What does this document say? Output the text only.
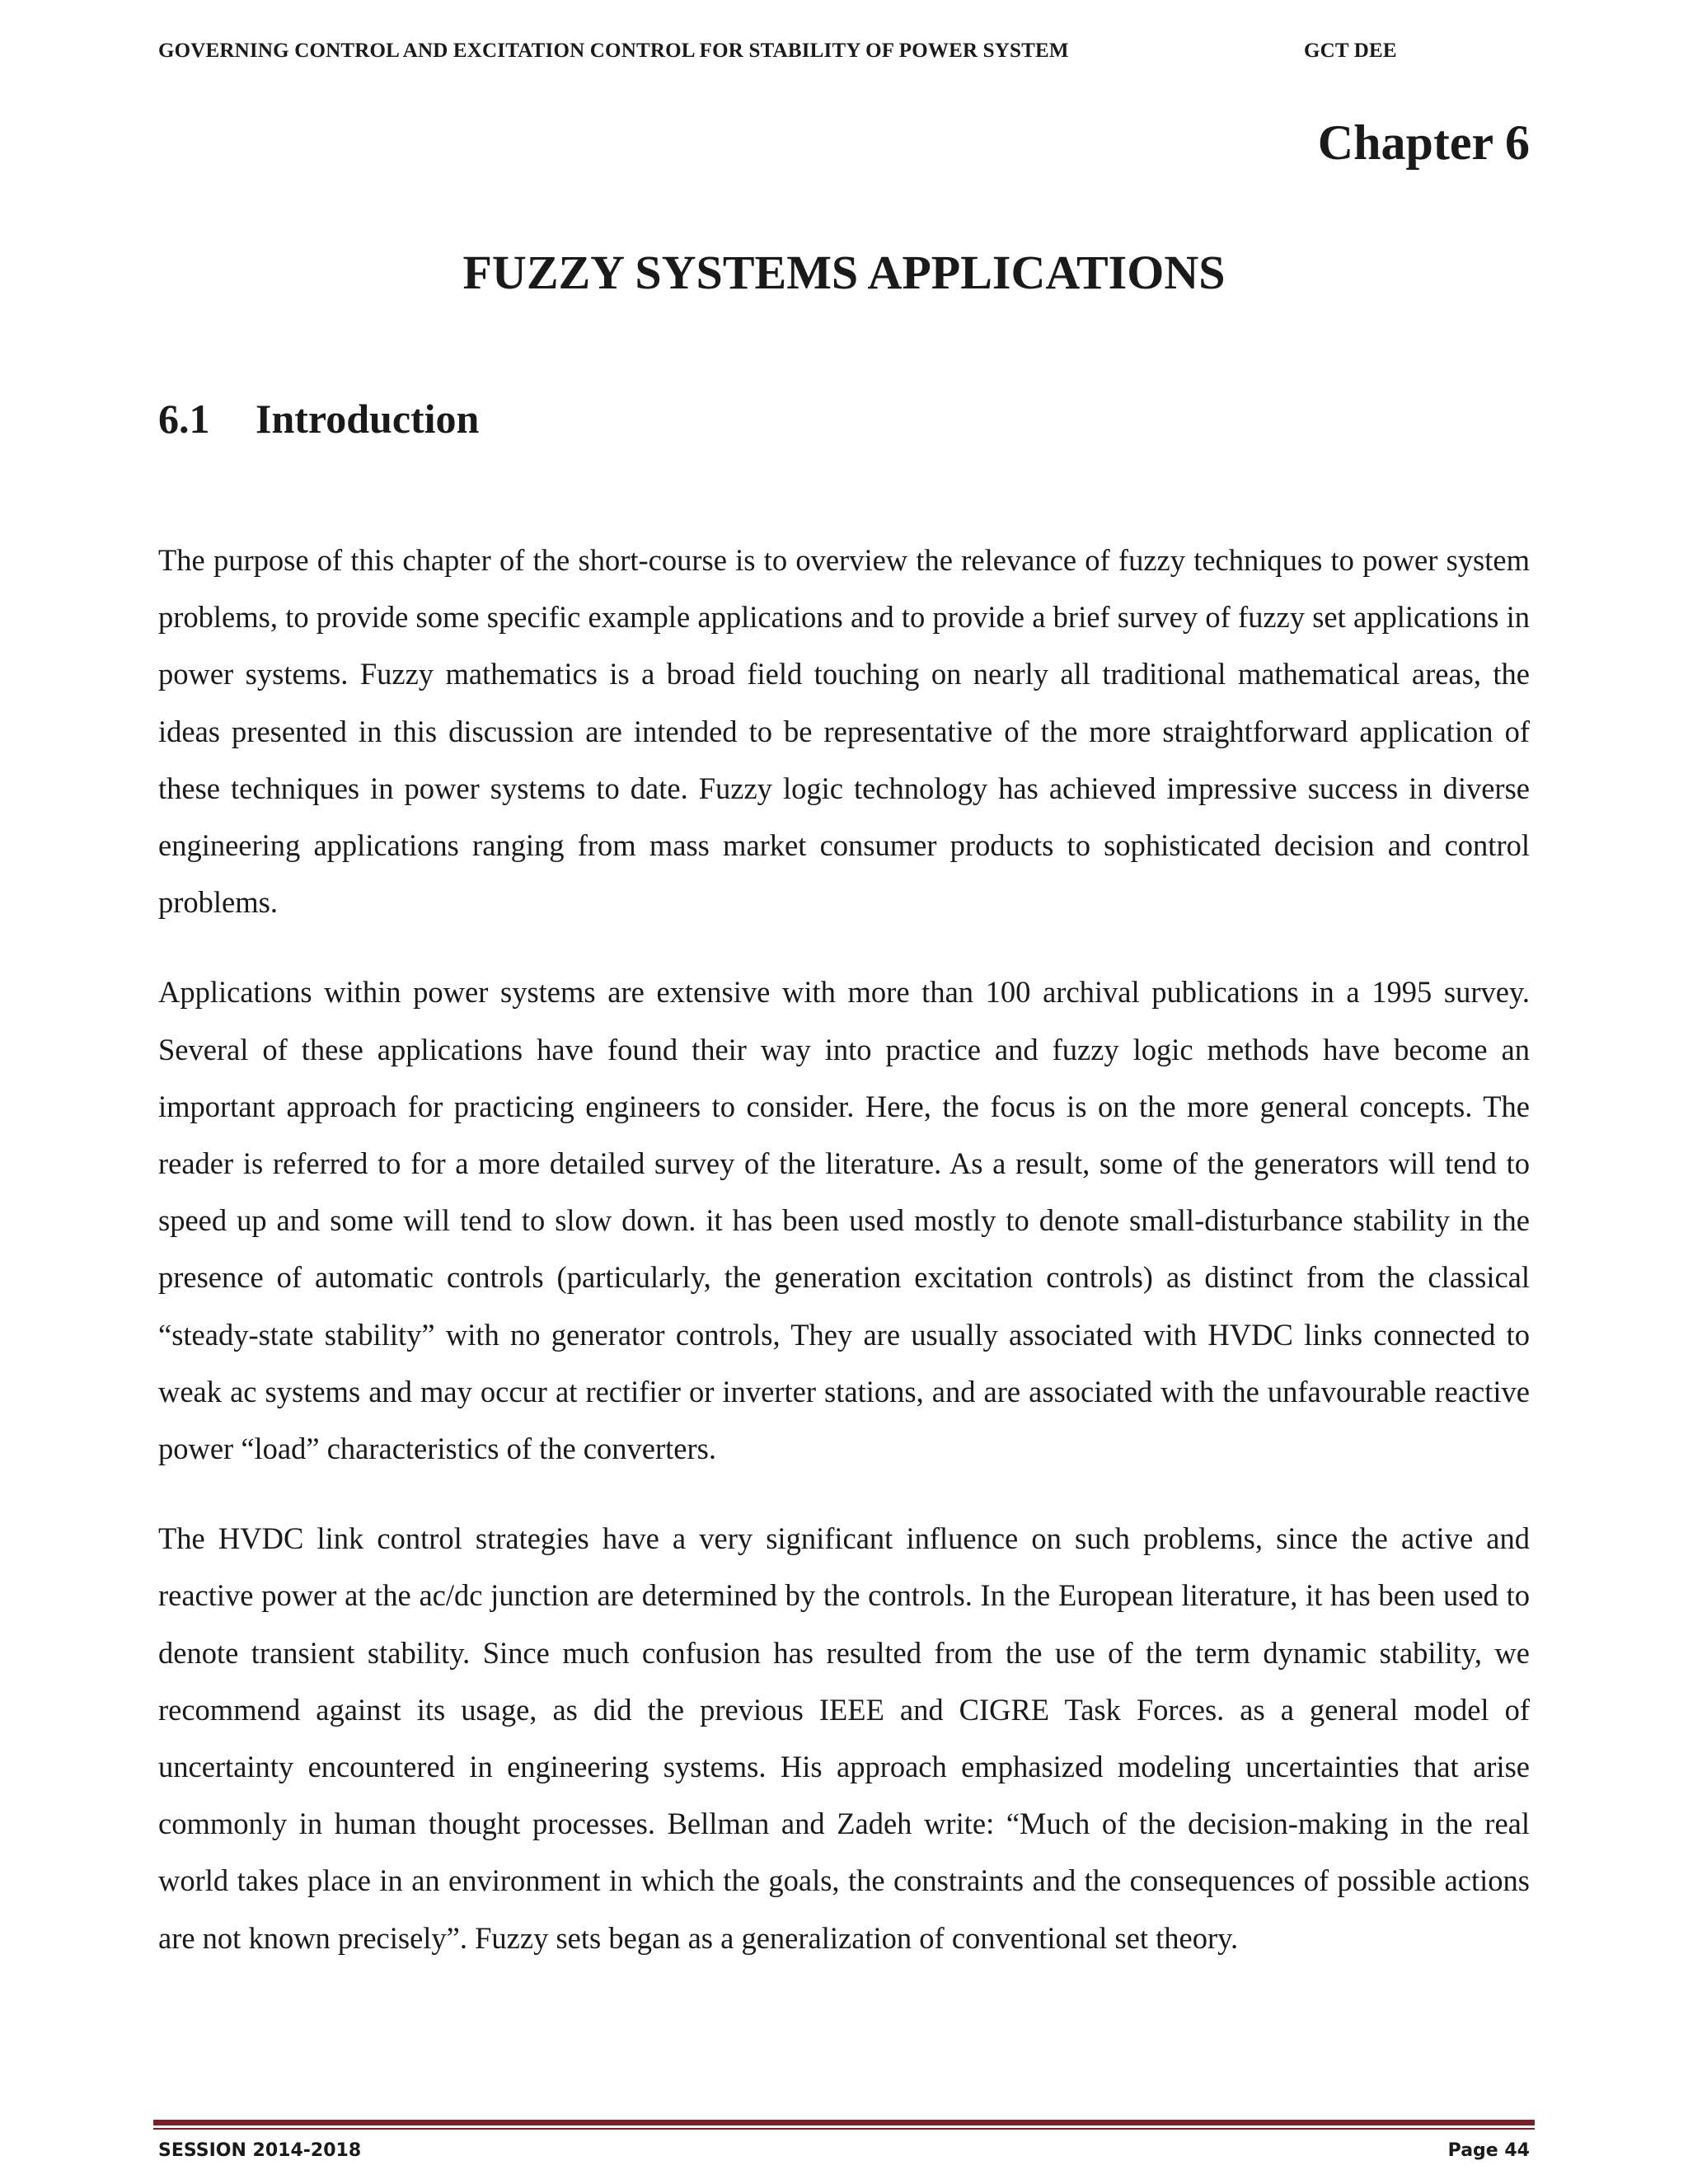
GOVERNING CONTROL AND EXCITATION CONTROL FOR STABILITY OF POWER SYSTEM	GCT DEE
Chapter 6
FUZZY SYSTEMS APPLICATIONS
6.1 Introduction

The purpose of this chapter of the short-course is to overview the relevance of fuzzy techniques to power system problems, to provide some specific example applications and to provide a brief survey of fuzzy set applications in power systems. Fuzzy mathematics is a broad field touching on nearly all traditional mathematical areas, the ideas presented in this discussion are intended to be representative of the more straightforward application of these techniques in power systems to date. Fuzzy logic technology has achieved impressive success in diverse engineering applications ranging from mass market consumer products to sophisticated decision and control problems.

Applications within power systems are extensive with more than 100 archival publications in a 1995 survey. Several of these applications have found their way into practice and fuzzy logic methods have become an important approach for practicing engineers to consider. Here, the focus is on the more general concepts. The reader is referred to for a more detailed survey of the literature. As a result, some of the generators will tend to speed up and some will tend to slow down. it has been used mostly to denote small-disturbance stability in the presence of automatic controls (particularly, the generation excitation controls) as distinct from the classical “steady-state stability” with no generator controls, They are usually associated with HVDC links connected to weak ac systems and may occur at rectifier or inverter stations, and are associated with the unfavourable reactive power “load” characteristics of the converters.

The HVDC link control strategies have a very significant influence on such problems, since the active and reactive power at the ac/dc junction are determined by the controls. In the European literature, it has been used to denote transient stability. Since much confusion has resulted from the use of the term dynamic stability, we recommend against its usage, as did the previous IEEE and CIGRE Task Forces. as a general model of uncertainty encountered in engineering systems. His approach emphasized modeling uncertainties that arise commonly in human thought processes. Bellman and Zadeh write: “Much of the decision-making in the real world takes place in an environment in which the goals, the constraints and the consequences of possible actions are not known precisely”. Fuzzy sets began as a generalization of conventional set theory.

SESSION 2014-2018	Page 44
